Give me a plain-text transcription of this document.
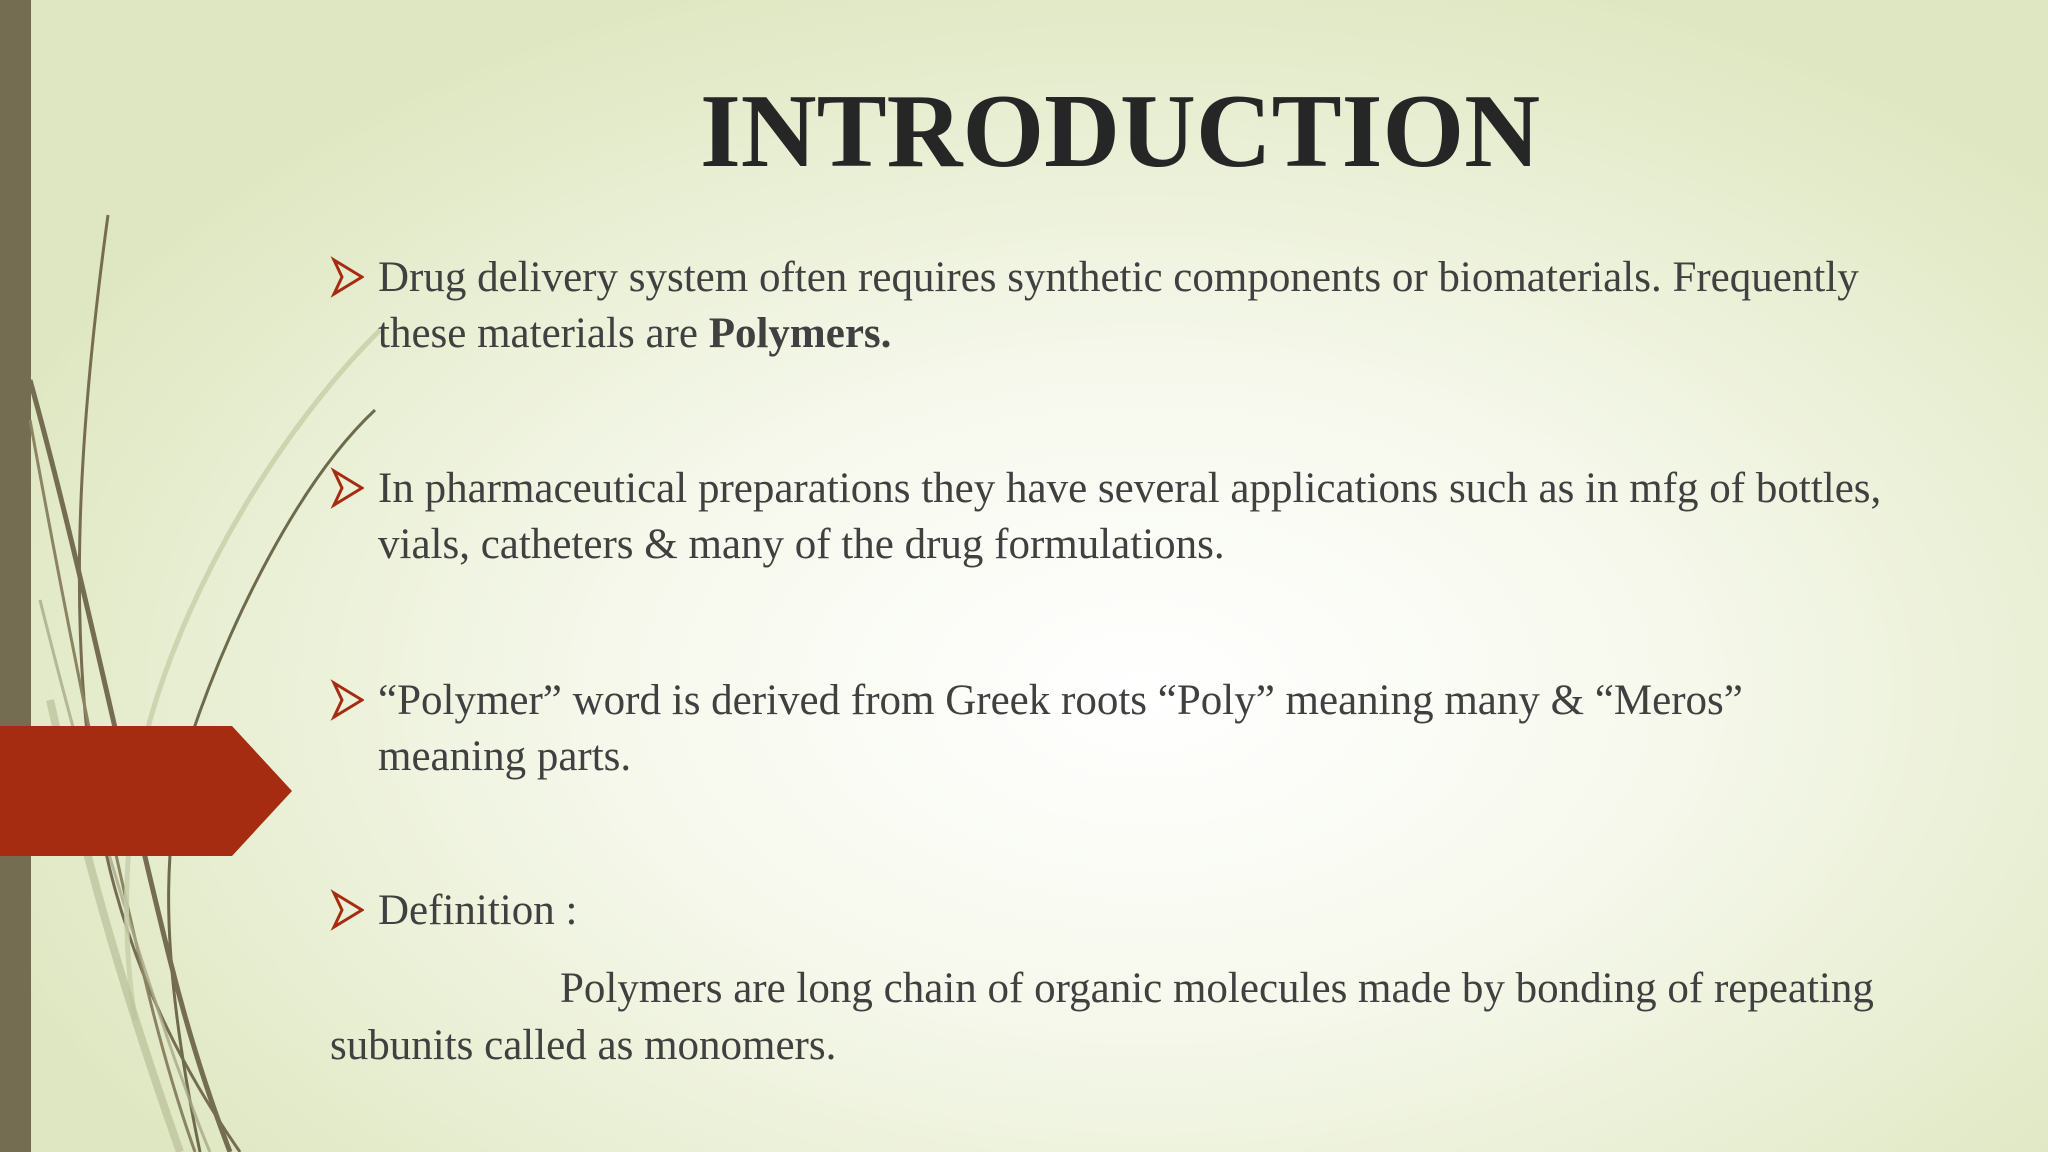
INTRODUCTION
Drug delivery system often requires synthetic components or biomaterials. Frequently these materials are Polymers.
In pharmaceutical preparations they have several applications such as in mfg of bottles, vials, catheters & many of the drug formulations.
“Polymer” word is derived from Greek roots “Poly” meaning many & “Meros” meaning parts.
Definition :
Polymers are long chain of organic molecules made by bonding of repeating subunits called as monomers.
